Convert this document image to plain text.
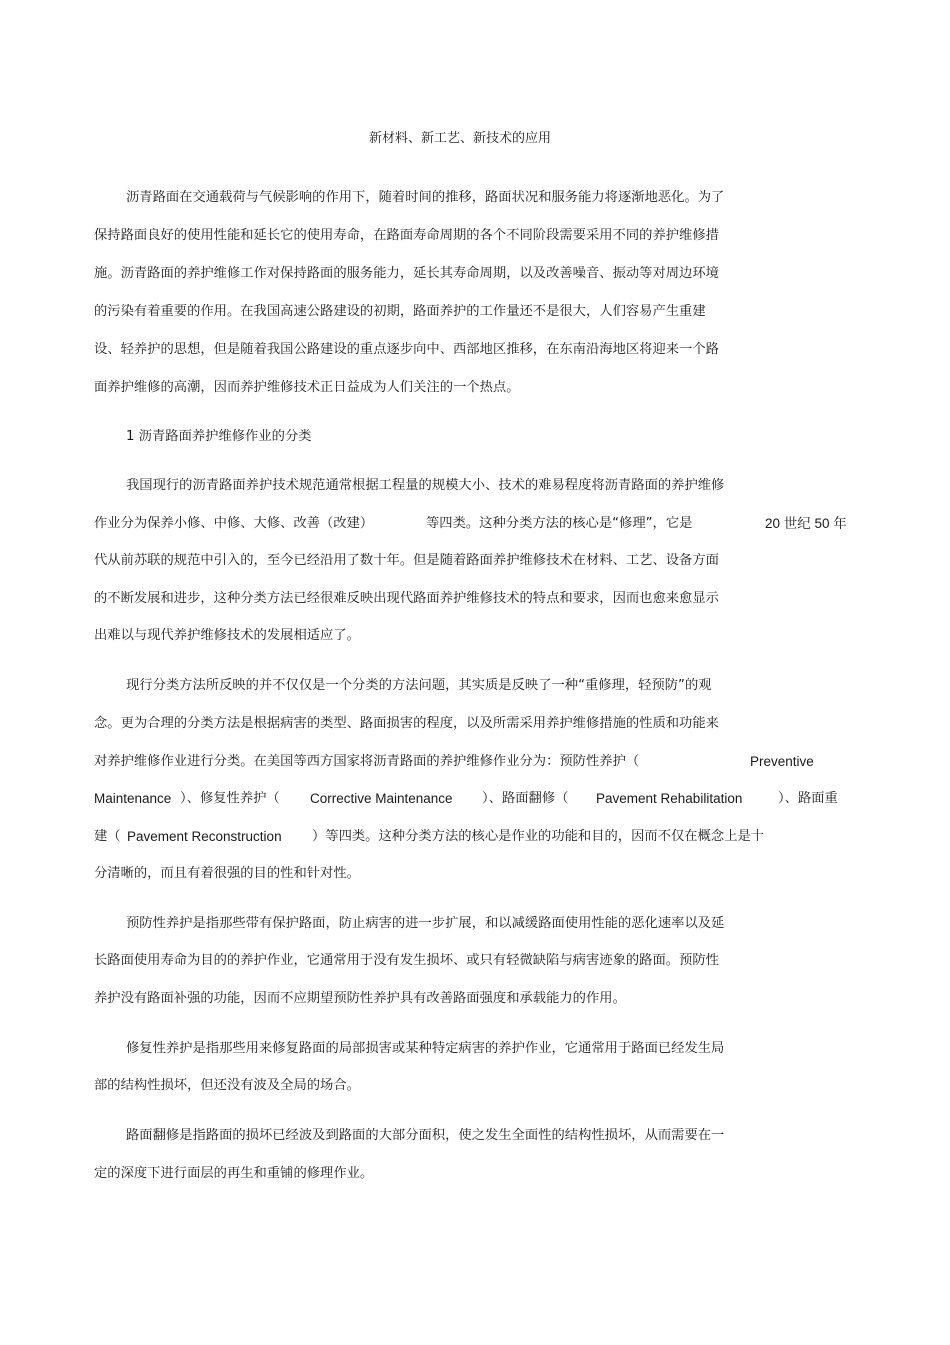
新材料、新工艺、新技术的应用
沥青路面在交通载荷与气候影响的作用下，随着时间的推移，路面状况和服务能力将逐渐地恶化。为了
保持路面良好的使用性能和延长它的使用寿命，在路面寿命周期的各个不同阶段需要采用不同的养护维修措
施。沥青路面的养护维修工作对保持路面的服务能力，延长其寿命周期，以及改善噪音、振动等对周边环境
的污染有着重要的作用。在我国高速公路建设的初期，路面养护的工作量还不是很大，人们容易产生重建
设、轻养护的思想，但是随着我国公路建设的重点逐步向中、西部地区推移，在东南沿海地区将迎来一个路
面养护维修的高潮，因而养护维修技术正日益成为人们关注的一个热点。
1 沥青路面养护维修作业的分类
我国现行的沥青路面养护技术规范通常根据工程量的规模大小、技术的难易程度将沥青路面的养护维修
作业分为保养小修、中修、大修、改善（改建）	等四类。这种分类方法的核心是“修理”，它是	20 世纪 50 年
代从前苏联的规范中引入的，至今已经沿用了数十年。但是随着路面养护维修技术在材料、工艺、设备方面
的不断发展和进步，这种分类方法已经很难反映出现代路面养护维修技术的特点和要求，因而也愈来愈显示
出难以与现代养护维修技术的发展相适应了。
现行分类方法所反映的并不仅仅是一个分类的方法问题，其实质是反映了一种“重修理，轻预防”的观
念。更为合理的分类方法是根据病害的类型、路面损害的程度，以及所需采用养护维修措施的性质和功能来
对养护维修作业进行分类。在美国等西方国家将沥青路面的养护维修作业分为：预防性养护（	Preventive
Maintenance ）、修复性养护（ Corrective Maintenance ）、路面翻修（ Pavement Rehabilitation	）、路面重
建（ Pavement Reconstruction ）等四类。这种分类方法的核心是作业的功能和目的，因而不仅在概念上是十
分清晰的，而且有着很强的目的性和针对性。
预防性养护是指那些带有保护路面，防止病害的进一步扩展，和以减缓路面使用性能的恶化速率以及延
长路面使用寿命为目的的养护作业，它通常用于没有发生损坏、或只有轻微缺陷与病害迹象的路面。预防性
养护没有路面补强的功能，因而不应期望预防性养护具有改善路面强度和承载能力的作用。
修复性养护是指那些用来修复路面的局部损害或某种特定病害的养护作业，它通常用于路面已经发生局
部的结构性损坏，但还没有波及全局的场合。
路面翻修是指路面的损坏已经波及到路面的大部分面积，使之发生全面性的结构性损坏，从而需要在一
定的深度下进行面层的再生和重铺的修理作业。
